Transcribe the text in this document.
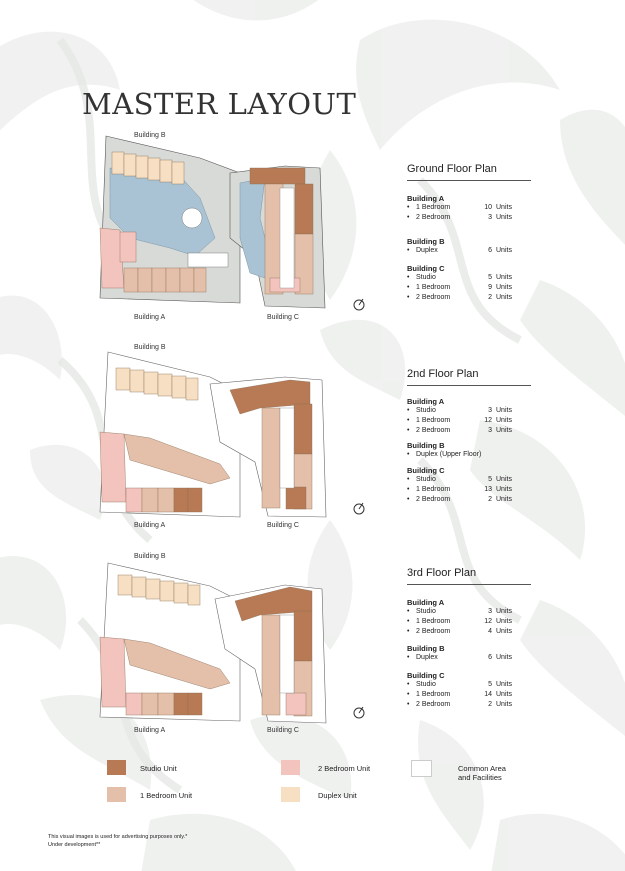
MASTER LAYOUT
Building B
Building A	Building C
Ground Floor Plan
Building A
• 1 Bedroom	10 Units
• 2 Bedroom	3 Units
Building B
• Duplex	6 Units
Building C
• Studio	5 Units
• 1 Bedroom	9 Units
• 2 Bedroom	2 Units
Building B
Building A	Building C
2nd Floor Plan
Building A
• Studio	3 Units
• 1 Bedroom	12 Units
• 2 Bedroom	3 Units
Building B
• Duplex (Upper Floor)
Building C
• Studio	5 Units
• 1 Bedroom	13 Units
• 2 Bedroom	2 Units
Building B
Building A	Building C
3rd Floor Plan
Building A
• Studio	3 Units
• 1 Bedroom	12 Units
• 2 Bedroom	4 Units
Building B
• Duplex	6 Units
Building C
• Studio	5 Units
• 1 Bedroom	14 Units
• 2 Bedroom	2 Units
Studio Unit
1 Bedroom Unit
2 Bedroom Unit
Duplex Unit
Common Area
and Facilities
This visual images is used for advertising purposes only.*
Under development**
